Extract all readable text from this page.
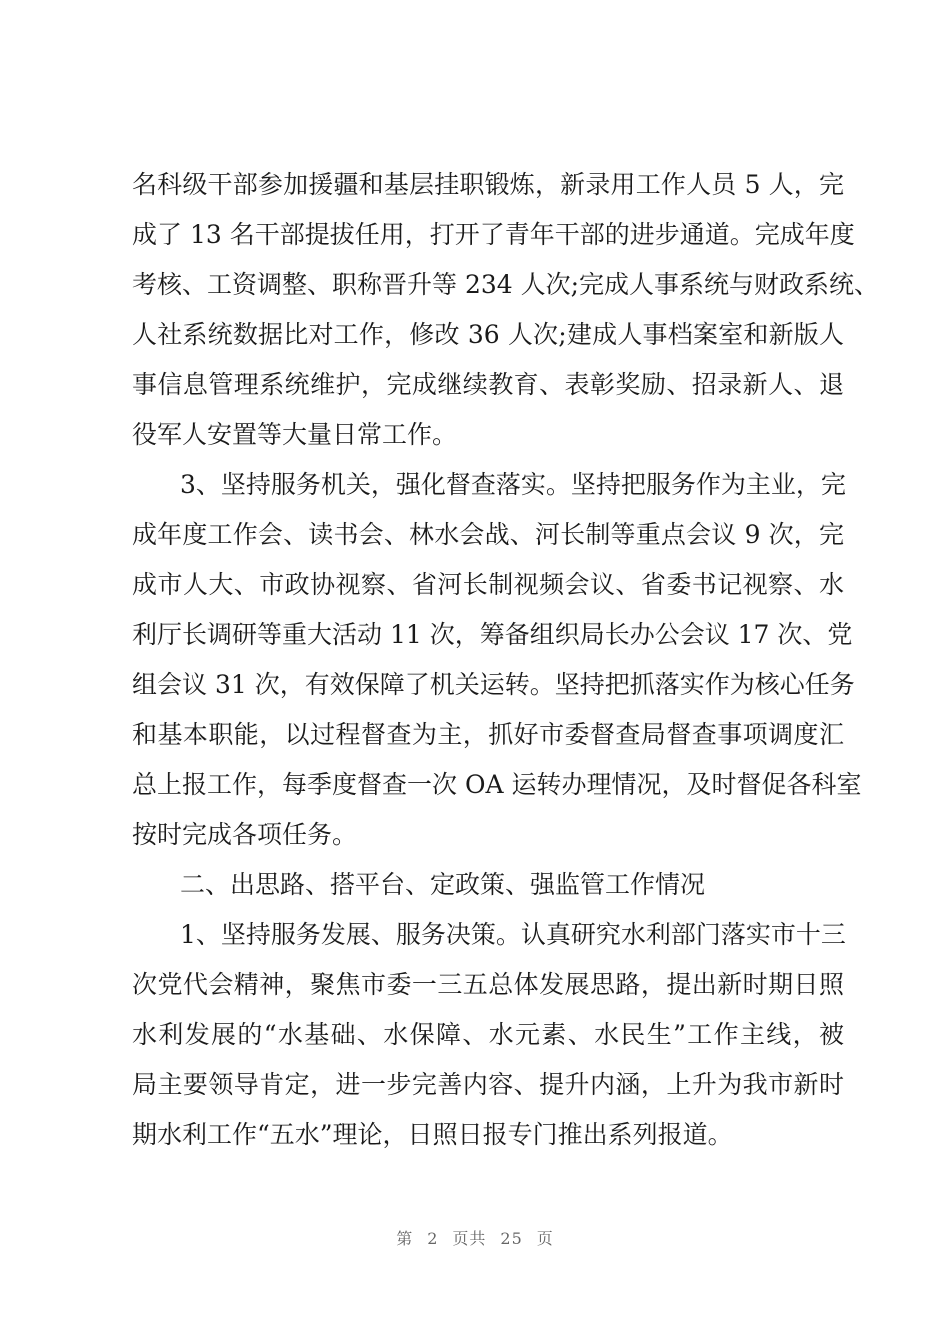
名科级干部参加援疆和基层挂职锻炼，新录用工作人员 5 人，完
成了 13 名干部提拔任用，打开了青年干部的进步通道。完成年度
考核、工资调整、职称晋升等 234 人次;完成人事系统与财政系统、
人社系统数据比对工作，修改 36 人次;建成人事档案室和新版人
事信息管理系统维护，完成继续教育、表彰奖励、招录新人、退
役军人安置等大量日常工作。
3、坚持服务机关，强化督查落实。坚持把服务作为主业，完
成年度工作会、读书会、林水会战、河长制等重点会议 9 次，完
成市人大、市政协视察、省河长制视频会议、省委书记视察、水
利厅长调研等重大活动 11 次，筹备组织局长办公会议 17 次、党
组会议 31 次，有效保障了机关运转。坚持把抓落实作为核心任务
和基本职能，以过程督查为主，抓好市委督查局督查事项调度汇
总上报工作，每季度督查一次 OA 运转办理情况，及时督促各科室
按时完成各项任务。
二、出思路、搭平台、定政策、强监管工作情况
1、坚持服务发展、服务决策。认真研究水利部门落实市十三
次党代会精神，聚焦市委一三五总体发展思路，提出新时期日照
水利发展的“水基础、水保障、水元素、水民生”工作主线，被
局主要领导肯定，进一步完善内容、提升内涵，上升为我市新时
期水利工作“五水”理论，日照日报专门推出系列报道。
第 2 页共 25 页
